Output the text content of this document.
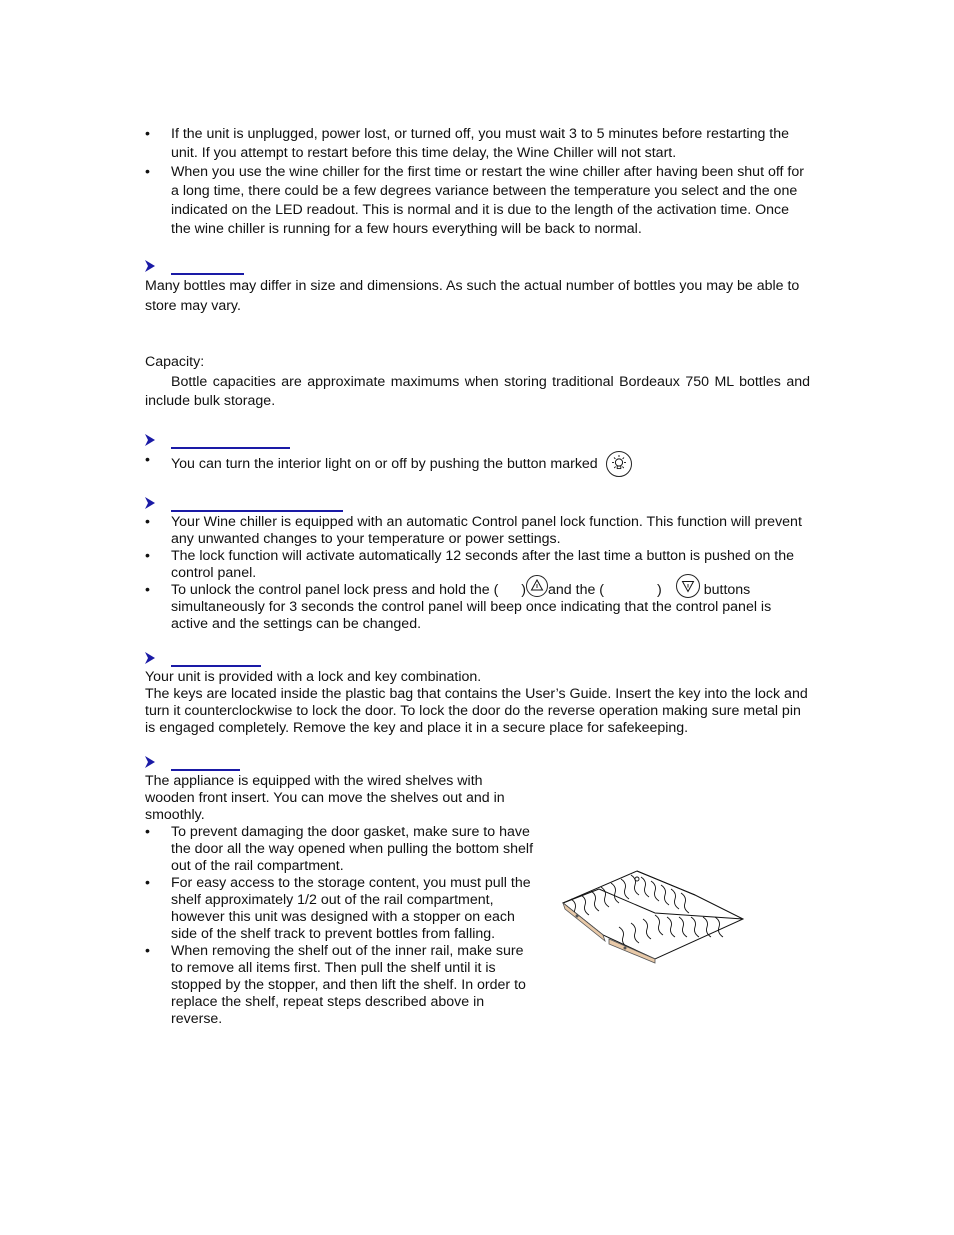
• If the unit is unplugged, power lost, or turned off, you must wait 3 to 5 minutes before restarting the unit. If you attempt to restart before this time delay, the Wine Chiller will not start.
• When you use the wine chiller for the first time or restart the wine chiller after having been shut off for a long time, there could be a few degrees variance between the temperature you select and the one indicated on the LED readout. This is normal and it is due to the length of the activation time. Once the wine chiller is running for a few hours everything will be back to normal.

Many bottles may differ in size and dimensions. As such the actual number of bottles you may be able to store may vary.

Capacity:

Bottle capacities are approximate maximums when storing traditional Bordeaux 750 ML bottles and include bulk storage.

• You can turn the interior light on or off by pushing the button marked
• Your Wine chiller is equipped with an automatic Control panel lock function. This function will prevent any unwanted changes to your temperature or power settings.
• The lock function will activate automatically 12 seconds after the last time a button is pushed on the control panel.
• To unlock the control panel lock press and hold the ( ) and the (	)	buttons simultaneously for 3 seconds the control panel will beep once indicating that the control panel is active and the settings can be changed.

Your unit is provided with a lock and key combination.

The keys are located inside the plastic bag that contains the User’s Guide. Insert the key into the lock and turn it counterclockwise to lock the door. To lock the door do the reverse operation making sure metal pin is engaged completely. Remove the key and place it in a secure place for safekeeping.

The appliance is equipped with the wired shelves with wooden front insert. You can move the shelves out and in smoothly.

• To prevent damaging the door gasket, make sure to have the door all the way opened when pulling the bottom shelf out of the rail compartment.
• For easy access to the storage content, you must pull the shelf approximately 1/2 out of the rail compartment, however this unit was designed with a stopper on each side of the shelf track to prevent bottles from falling.
• When removing the shelf out of the inner rail, make sure to remove all items first. Then pull the shelf until it is stopped by the stopper, and then lift the shelf. In order to replace the shelf, repeat steps described above in reverse.
